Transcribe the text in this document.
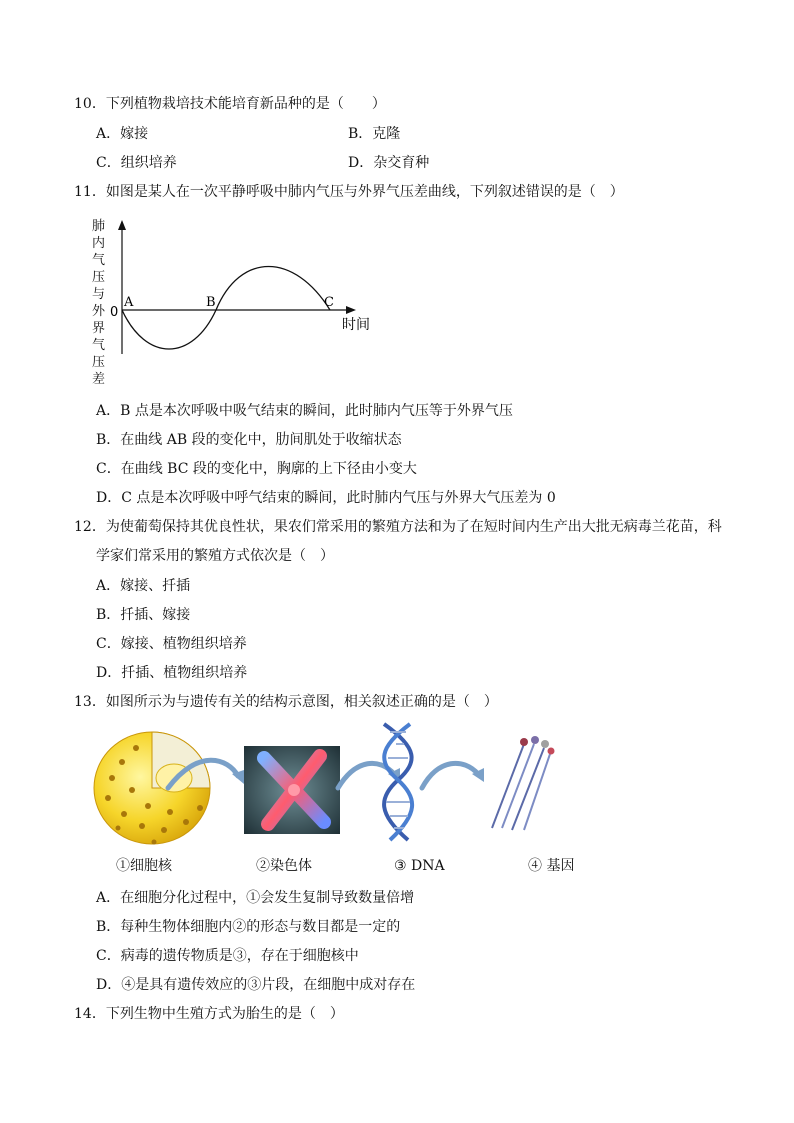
10．下列植物栽培技术能培育新品种的是（　　）
A．嫁接	B．克隆
C．组织培养	D．杂交育种
11．如图是某人在一次平静呼吸中肺内气压与外界气压差曲线，下列叙述错误的是（　）
肺
内
气
压
与
外
界
气
压
差
0
A	B	C
时间
A．B 点是本次呼吸中吸气结束的瞬间，此时肺内气压等于外界气压
B．在曲线 AB 段的变化中，肋间肌处于收缩状态
C．在曲线 BC 段的变化中，胸廓的上下径由小变大
D．C 点是本次呼吸中呼气结束的瞬间，此时肺内气压与外界大气压差为 0
12．为使葡萄保持其优良性状，果农们常采用的繁殖方法和为了在短时间内生产出大批无病毒兰花苗，科
学家们常采用的繁殖方式依次是（　）
A．嫁接、扦插
B．扦插、嫁接
C．嫁接、植物组织培养
D．扦插、植物组织培养
13．如图所示为与遗传有关的结构示意图，相关叙述正确的是（　）
①细胞核	②染色体	③ DNA	④ 基因
A．在细胞分化过程中，①会发生复制导致数量倍增
B．每种生物体细胞内②的形态与数目都是一定的
C．病毒的遗传物质是③，存在于细胞核中
D．④是具有遗传效应的③片段，在细胞中成对存在
14．下列生物中生殖方式为胎生的是（　）
